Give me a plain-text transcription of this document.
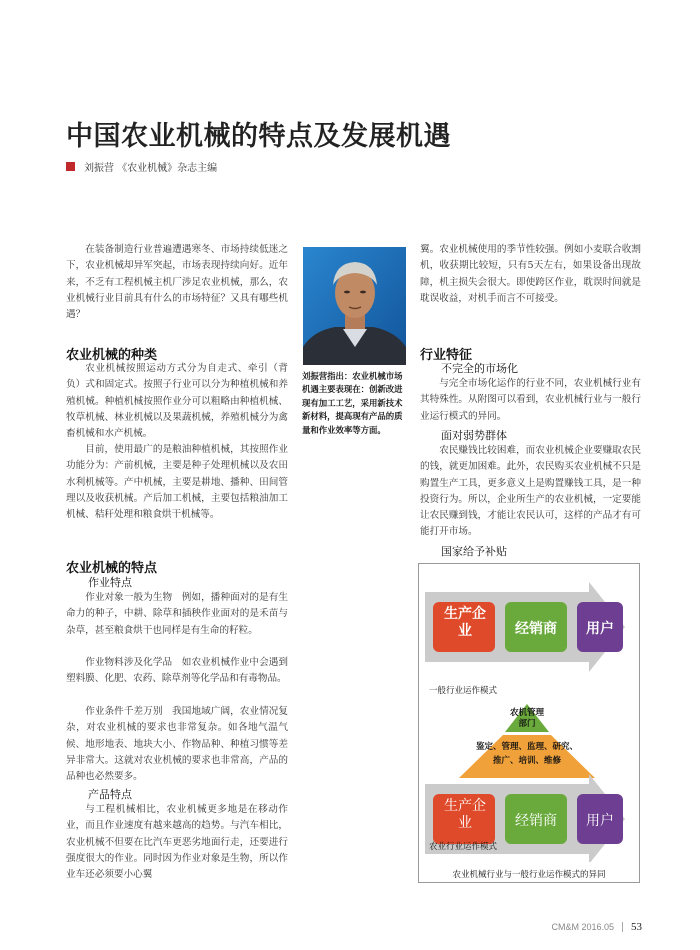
中国农业机械的特点及发展机遇
刘振营 《农业机械》杂志主编
在装备制造行业普遍遭遇寒冬、市场持续低迷之下，农业机械却异军突起，市场表现持续向好。近年来，不乏有工程机械主机厂涉足农业机械，那么，农业机械行业目前具有什么的市场特征？又具有哪些机遇？
农业机械的种类
农业机械按照运动方式分为自走式、牵引（背负）式和固定式。按照子行业可以分为种植机械和养殖机械。种植机械按照作业分可以粗略由种植机械、牧草机械、林业机械以及果蔬机械，养殖机械分为禽畜机械和水产机械。
目前，使用最广的是粮油种植机械，其按照作业功能分为：产前机械，主要是种子处理机械以及农田水利机械等。产中机械，主要是耕地、播种、田间管理以及收获机械。产后加工机械，主要包括粮油加工机械、秸秆处理和粮食烘干机械等。
农业机械的特点
作业特点
作业对象一般为生物　例如，播种面对的是有生命力的种子，中耕、除草和插秧作业面对的是禾苗与杂草，甚至粮食烘干也同样是有生命的籽粒。
作业物料涉及化学品　如农业机械作业中会遇到塑料膜、化肥、农药、除草剂等化学品和有毒物品。
作业条件千差万别　我国地域广阔，农业情况复杂，对农业机械的要求也非常复杂。如各地气温气候、地形地表、地块大小、作物品种、种植习惯等差异非常大。这就对农业机械的要求也非常高，产品的品种也必然要多。
产品特点
与工程机械相比，农业机械更多地是在移动作业，而且作业速度有越来越高的趋势。与汽车相比，农业机械不但要在比汽车更恶劣地面行走，还要进行强度很大的作业。同时因为作业对象是生物，所以作业车还必须要小心翼
刘振营指出：农业机械市场机遇主要表现在：创新改进现有加工工艺，采用新技术新材料，提高现有产品的质量和作业效率等方面。
翼。农业机械使用的季节性较强。例如小麦联合收割机，收获期比较短，只有5天左右，如果设备出现故障，机主损失会很大。即使跨区作业，耽误时间就是耽误收益，对机手而言不可接受。
行业特征
不完全的市场化
与完全市场化运作的行业不同，农业机械行业有其特殊性。从附图可以看到，农业机械行业与一般行业运行模式的异同。
面对弱势群体
农民赚钱比较困难，而农业机械企业要赚取农民的钱，就更加困难。此外，农民购买农业机械不只是购置生产工具，更多意义上是购置赚钱工具，是一种投资行为。所以，企业所生产的农业机械，一定要能让农民赚到钱，才能让农民认可，这样的产品才有可能打开市场。
国家给予补贴
生产企业	经销商	用户
一般行业运作模式
农机管理部门
鉴定、管理、监理、研究、推广、培训、维修
生产企业	经销商	用户
农业行业运作模式
农业机械行业与一般行业运作模式的异同
CM&M 2016.05 53
